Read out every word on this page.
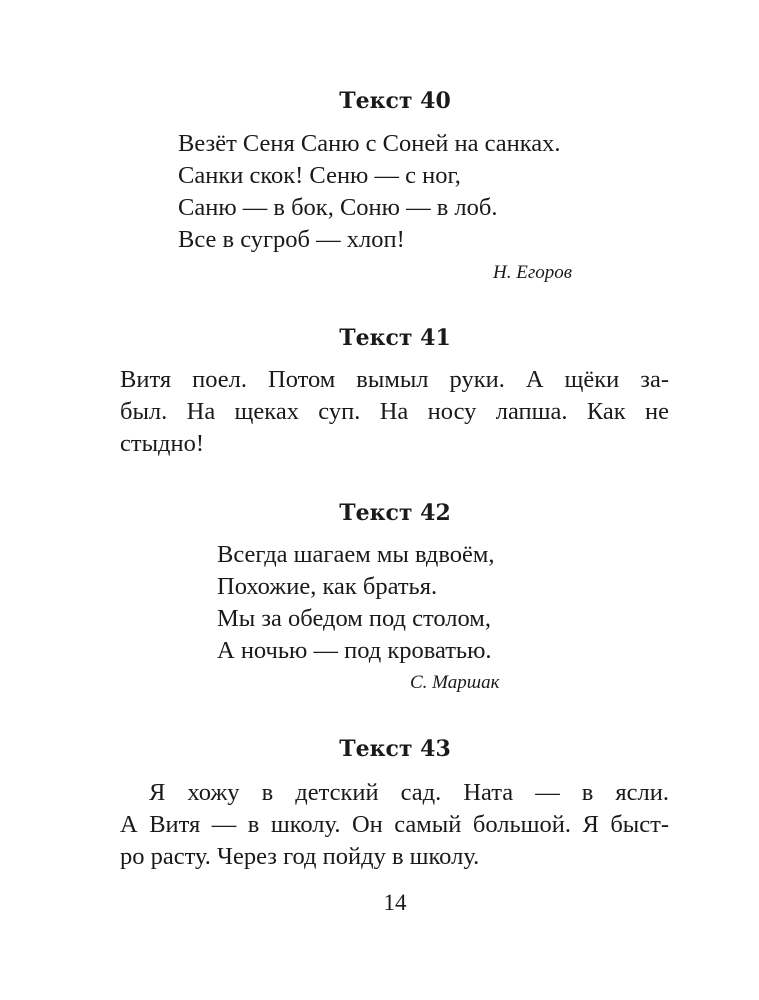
Текст 40
Везёт Сеня Саню с Соней на санках.
Санки скок! Сеню — с ног,
Саню — в бок, Соню — в лоб.
Все в сугроб — хлоп!
Н. Егоров
Текст 41
Витя поел. Потом вымыл руки. А щёки за-
был. На щеках суп. На носу лапша. Как не
стыдно!
Текст 42
Всегда шагаем мы вдвоём,
Похожие, как братья.
Мы за обедом под столом,
А ночью — под кроватью.
С. Маршак
Текст 43
Я хожу в детский сад. Ната — в ясли.
А Витя — в школу. Он самый большой. Я быст-
ро расту. Через год пойду в школу.
14
